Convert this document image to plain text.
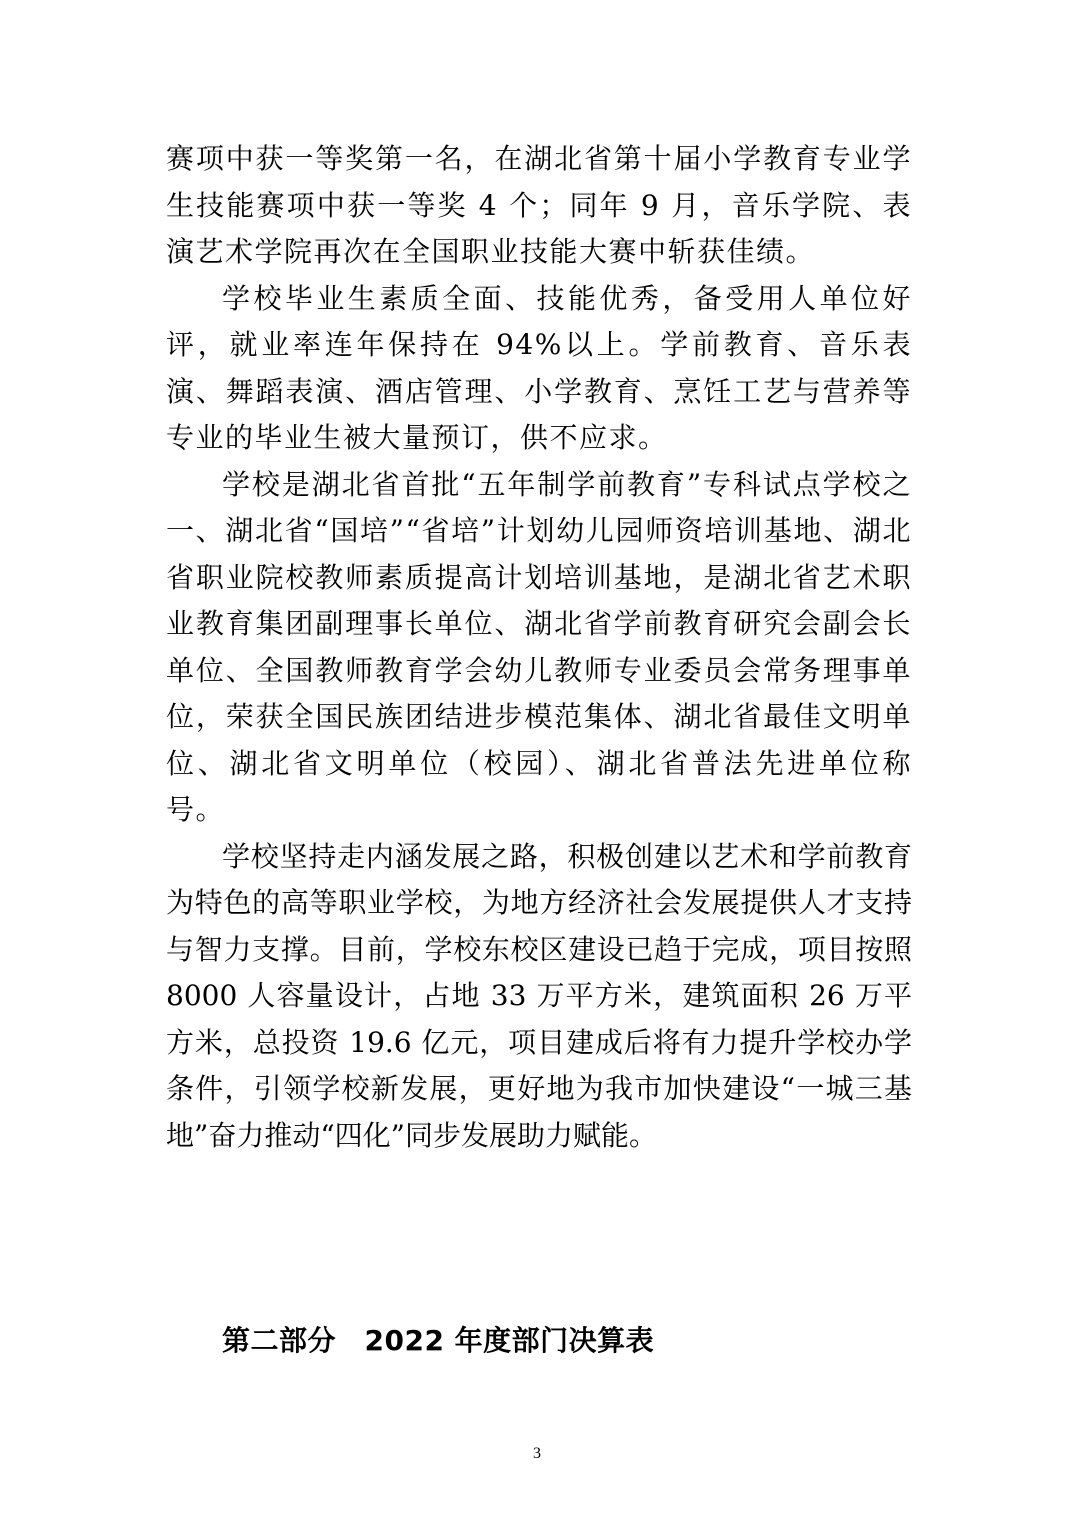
赛项中获一等奖第一名，在湖北省第十届小学教育专业学生技能赛项中获一等奖 4 个；同年 9 月，音乐学院、表演艺术学院再次在全国职业技能大赛中斩获佳绩。

学校毕业生素质全面、技能优秀，备受用人单位好评，就业率连年保持在 94%以上。学前教育、音乐表演、舞蹈表演、酒店管理、小学教育、烹饪工艺与营养等专业的毕业生被大量预订，供不应求。

学校是湖北省首批“五年制学前教育”专科试点学校之一、湖北省“国培”“省培”计划幼儿园师资培训基地、湖北省职业院校教师素质提高计划培训基地，是湖北省艺术职业教育集团副理事长单位、湖北省学前教育研究会副会长单位、全国教师教育学会幼儿教师专业委员会常务理事单位，荣获全国民族团结进步模范集体、湖北省最佳文明单位、湖北省文明单位（校园）、湖北省普法先进单位称号。

学校坚持走内涵发展之路，积极创建以艺术和学前教育为特色的高等职业学校，为地方经济社会发展提供人才支持与智力支撑。目前，学校东校区建设已趋于完成，项目按照 8000 人容量设计，占地 33 万平方米，建筑面积 26 万平方米，总投资 19.6 亿元，项目建成后将有力提升学校办学条件，引领学校新发展，更好地为我市加快建设“一城三基地”奋力推动“四化”同步发展助力赋能。

第二部分　2022 年度部门决算表
3
